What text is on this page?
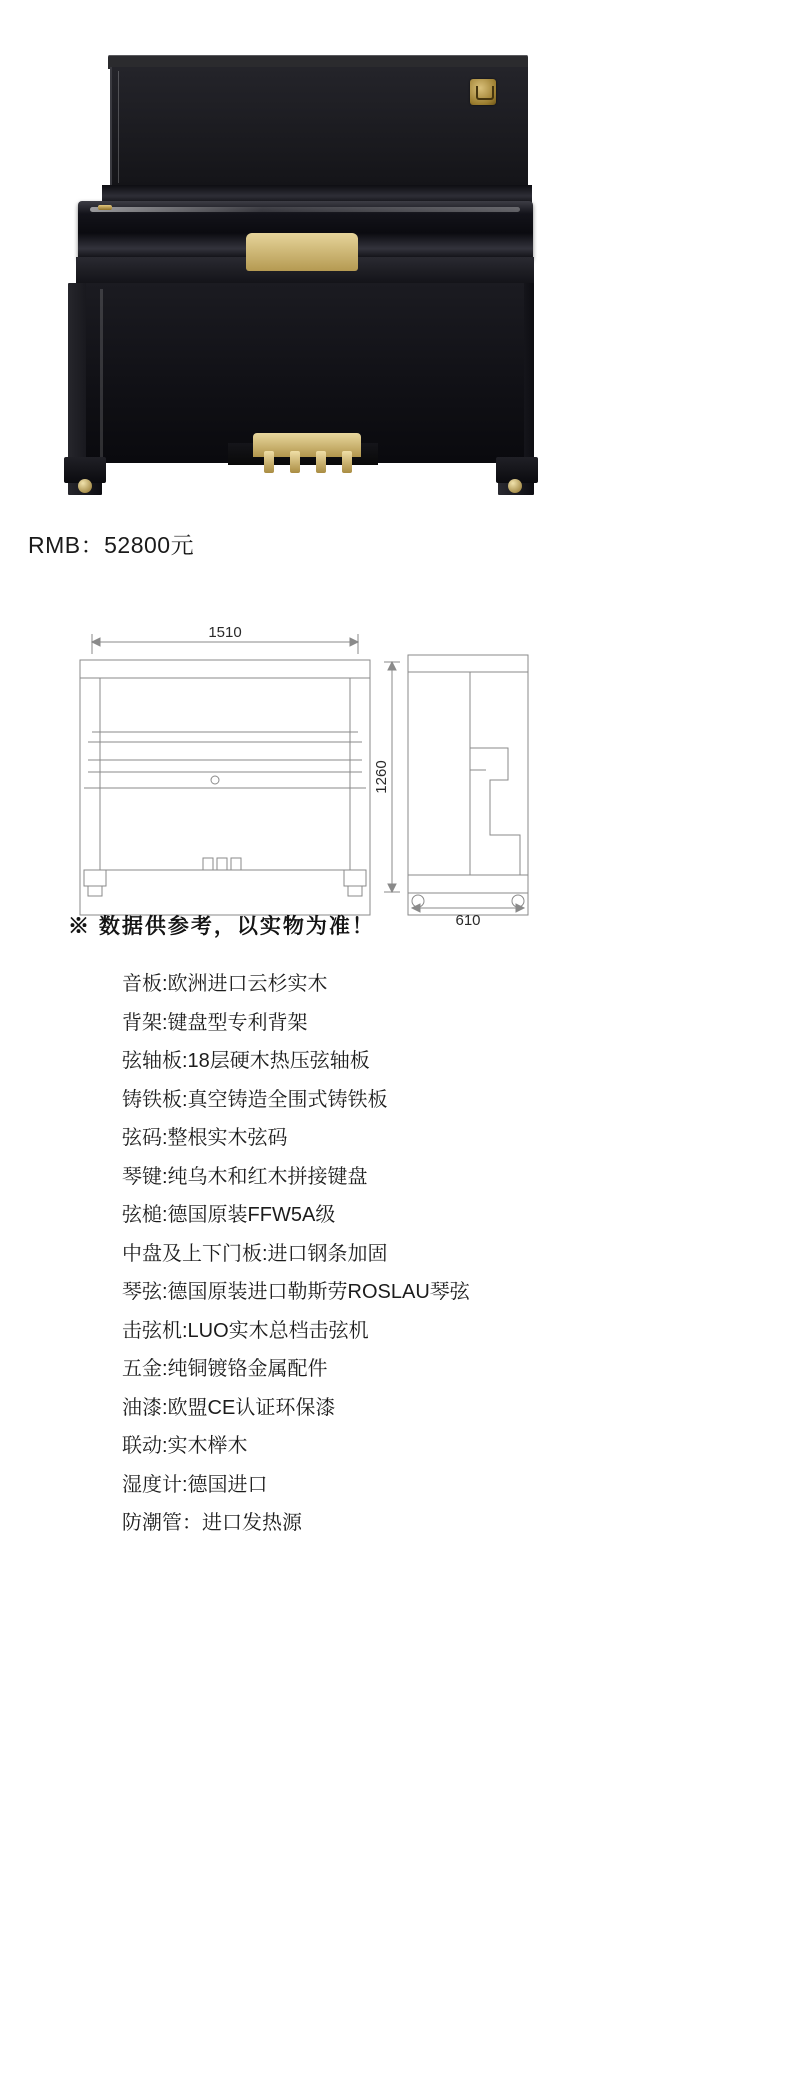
RMB：52800元
1510
1260
610
※ 数据供参考，以实物为准！
音板:欧洲进口云杉实木
背架:键盘型专利背架
弦轴板:18层硬木热压弦轴板
铸铁板:真空铸造全围式铸铁板
弦码:整根实木弦码
琴键:纯乌木和红木拼接键盘
弦槌:德国原装FFW5A级
中盘及上下门板:进口钢条加固
琴弦:德国原装进口勒斯劳ROSLAU琴弦
击弦机:LUO实木总档击弦机
五金:纯铜镀铬金属配件
油漆:欧盟CE认证环保漆
联动:实木榉木
湿度计:德国进口
防潮管：进口发热源
